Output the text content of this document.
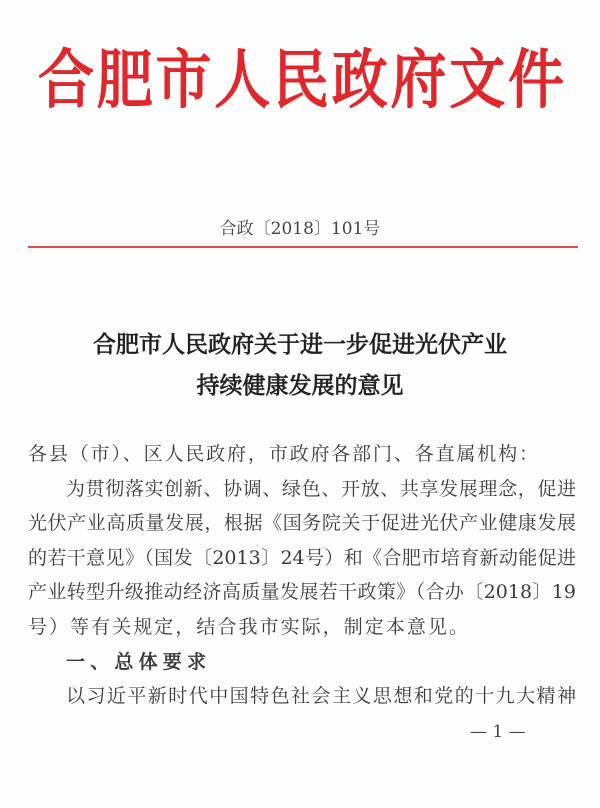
合肥市人民政府文件
合政〔2018〕101号
合肥市人民政府关于进一步促进光伏产业
持续健康发展的意见
各县（市）、区人民政府，市政府各部门、各直属机构：
为贯彻落实创新、协调、绿色、开放、共享发展理念，促进
光伏产业高质量发展，根据《国务院关于促进光伏产业健康发展
的若干意见》（国发〔2013〕24号）和《合肥市培育新动能促进
产业转型升级推动经济高质量发展若干政策》（合办〔2018〕19
号）等有关规定，结合我市实际，制定本意见。
一、总体要求
以习近平新时代中国特色社会主义思想和党的十九大精神
— 1 —
